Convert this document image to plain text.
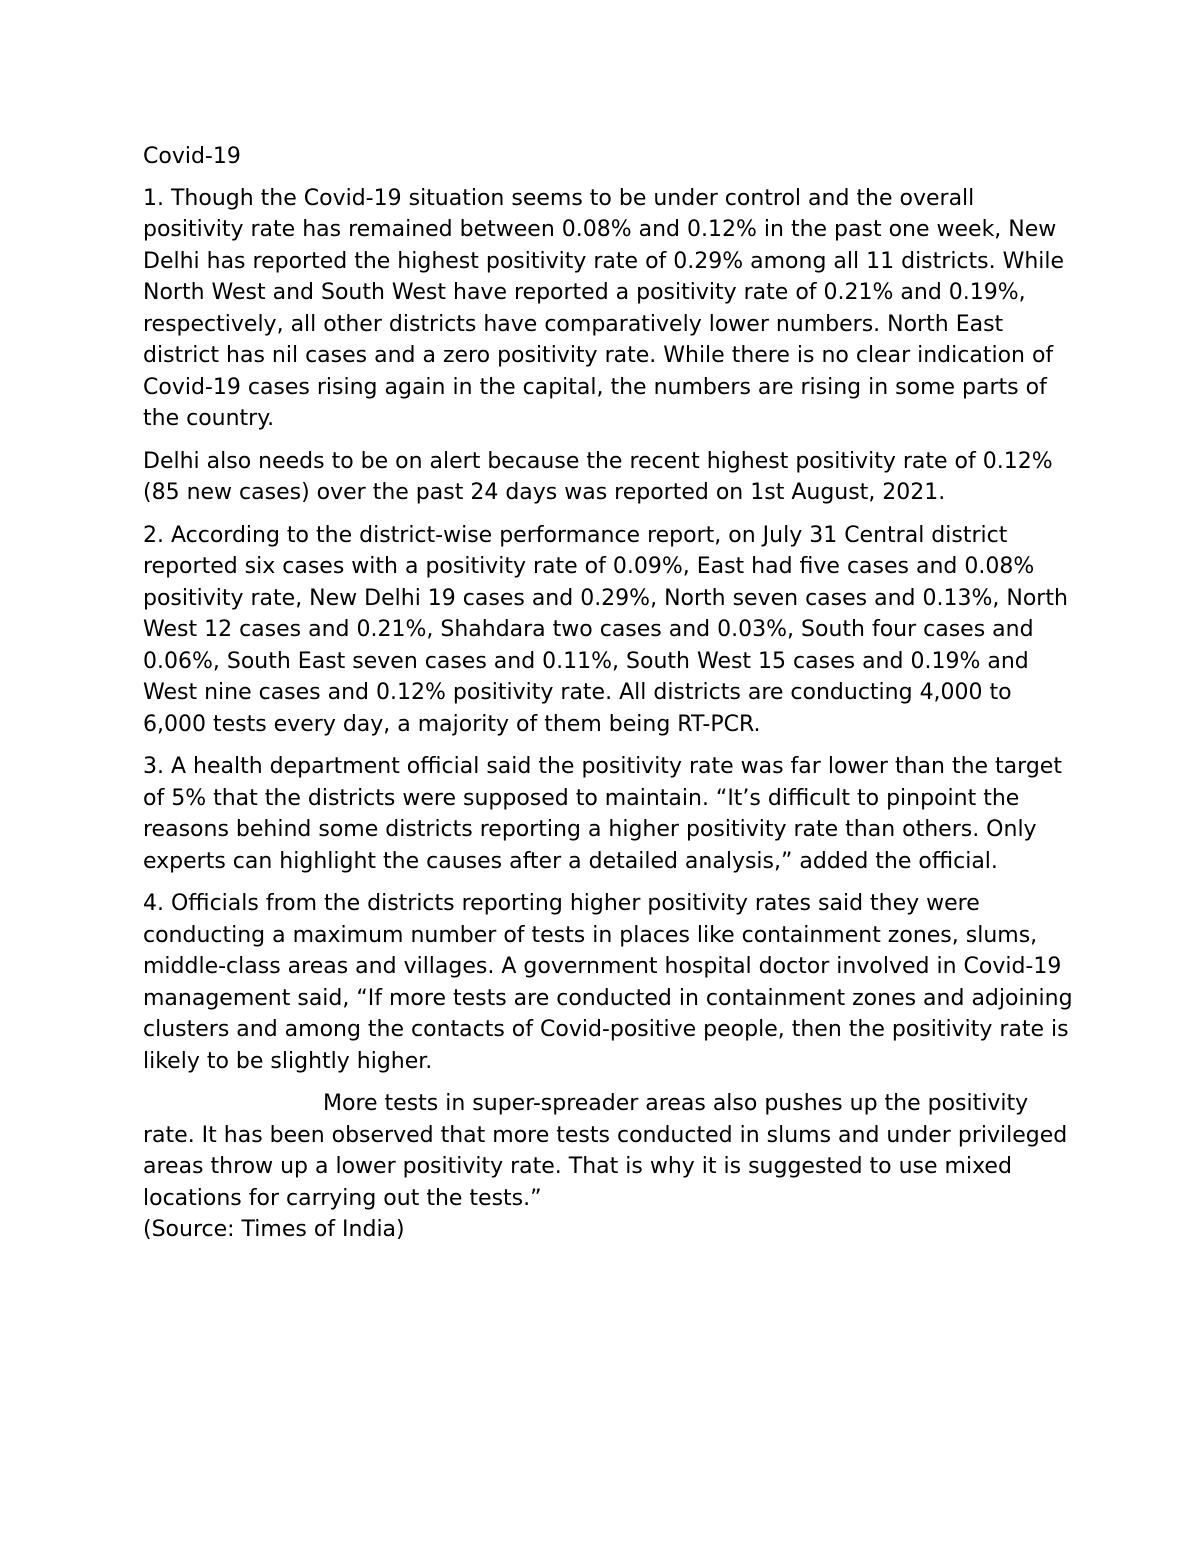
Covid-19

1. Though the Covid-19 situation seems to be under control and the overall positivity rate has remained between 0.08% and 0.12% in the past one week, New Delhi has reported the highest positivity rate of 0.29% among all 11 districts. While North West and South West have reported a positivity rate of 0.21% and 0.19%, respectively, all other districts have comparatively lower numbers. North East district has nil cases and a zero positivity rate. While there is no clear indication of Covid-19 cases rising again in the capital, the numbers are rising in some parts of the country.

Delhi also needs to be on alert because the recent highest positivity rate of 0.12% (85 new cases) over the past 24 days was reported on 1st August, 2021.

2. According to the district-wise performance report, on July 31 Central district reported six cases with a positivity rate of 0.09%, East had five cases and 0.08% positivity rate, New Delhi 19 cases and 0.29%, North seven cases and 0.13%, North West 12 cases and 0.21%, Shahdara two cases and 0.03%, South four cases and 0.06%, South East seven cases and 0.11%, South West 15 cases and 0.19% and West nine cases and 0.12% positivity rate. All districts are conducting 4,000 to 6,000 tests every day, a majority of them being RT-PCR.

3. A health department official said the positivity rate was far lower than the target of 5% that the districts were supposed to maintain. “It’s difficult to pinpoint the reasons behind some districts reporting a higher positivity rate than others. Only experts can highlight the causes after a detailed analysis,” added the official.

4. Officials from the districts reporting higher positivity rates said they were conducting a maximum number of tests in places like containment zones, slums, middle-class areas and villages. A government hospital doctor involved in Covid-19 management said, “If more tests are conducted in containment zones and adjoining clusters and among the contacts of Covid-positive people, then the positivity rate is likely to be slightly higher.

More tests in super-spreader areas also pushes up the positivity rate. It has been observed that more tests conducted in slums and under privileged areas throw up a lower positivity rate. That is why it is suggested to use mixed locations for carrying out the tests.”

(Source: Times of India)
